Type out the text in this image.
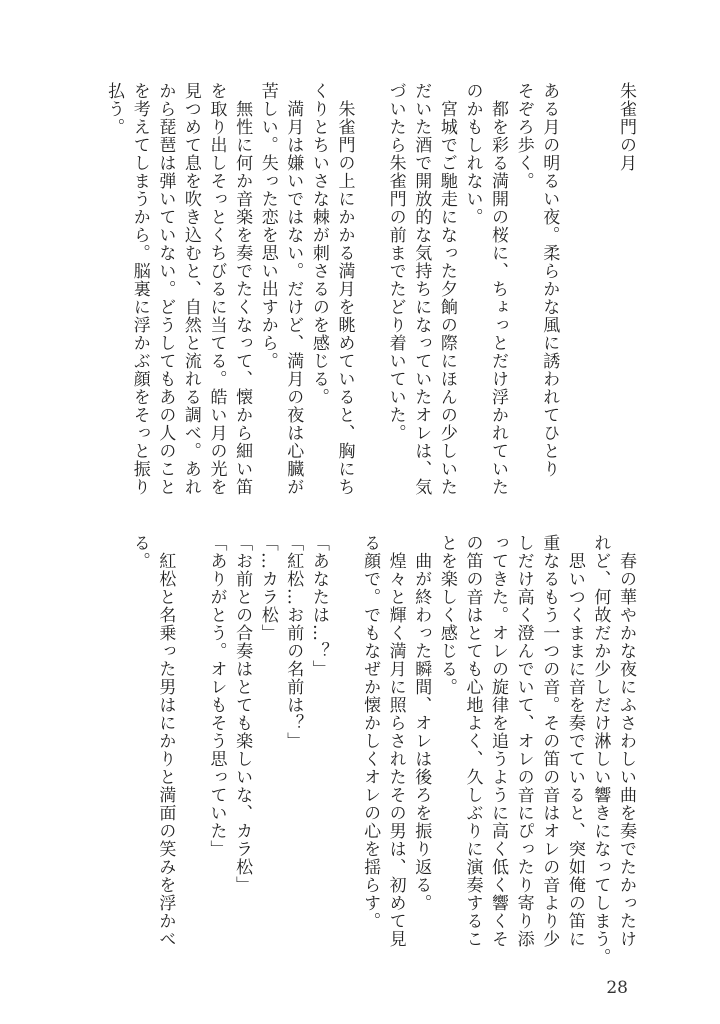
朱雀門の月
ある月の明るい夜。柔らかな風に誘われてひとり
そぞろ歩く。
　都を彩る満開の桜に、ちょっとだけ浮かれていた
のかもしれない。
　宮城でご馳走になった夕餉の際にほんの少しいた
だいた酒で開放的な気持ちになっていたオレは、気
づいたら朱雀門の前までたどり着いていた。
　朱雀門の上にかかる満月を眺めていると、胸にち
くりとちいさな棘が刺さるのを感じる。
　満月は嫌いではない。だけど、満月の夜は心臓が
苦しい。失った恋を思い出すから。
　無性に何か音楽を奏でたくなって、懐から細い笛
を取り出しそっとくちびるに当てる。皓い月の光を
見つめて息を吹き込むと、自然と流れる調べ。あれ
から琵琶は弾いていない。どうしてもあの人のこと
を考えてしまうから。脳裏に浮かぶ顔をそっと振り
払う。
　春の華やかな夜にふさわしい曲を奏でたかったけ
れど、何故だか少しだけ淋しい響きになってしまう。
　思いつくままに音を奏でていると、突如俺の笛に
重なるもう一つの音。その笛の音はオレの音より少
しだけ高く澄んでいて、オレの音にぴったり寄り添
ってきた。オレの旋律を追うように高く低く響くそ
の笛の音はとても心地よく、久しぶりに演奏するこ
とを楽しく感じる。
　曲が終わった瞬間、オレは後ろを振り返る。
　煌々と輝く満月に照らされたその男は、初めて見
る顔で。でもなぜか懐かしくオレの心を揺らす。
「あなたは…？」
「紅松…お前の名前は？」
「…カラ松」
「お前との合奏はとても楽しいな、カラ松」
「ありがとう。オレもそう思っていた」
　紅松と名乗った男はにかりと満面の笑みを浮かべ
る。
28
